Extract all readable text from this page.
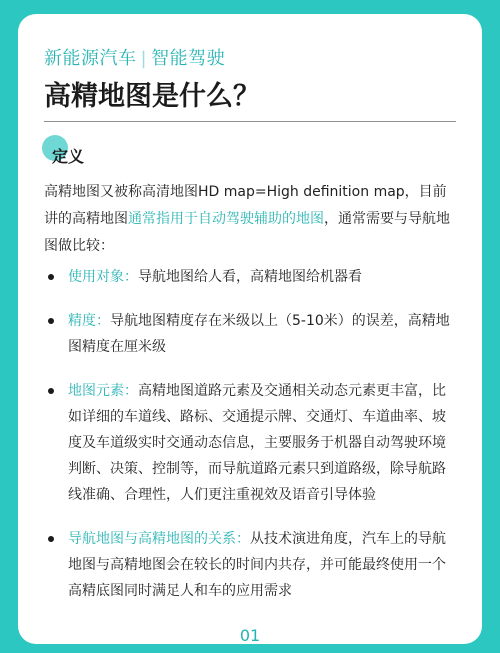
新能源汽车 | 智能驾驶
高精地图是什么？
定义
高精地图又被称高清地图HD map=High definition map，目前讲的高精地图通常指用于自动驾驶辅助的地图，通常需要与导航地图做比较：
使用对象：导航地图给人看，高精地图给机器看
精度：导航地图精度存在米级以上（5-10米）的误差，高精地图精度在厘米级
地图元素：高精地图道路元素及交通相关动态元素更丰富，比如详细的车道线、路标、交通提示牌、交通灯、车道曲率、坡度及车道级实时交通动态信息，主要服务于机器自动驾驶环境判断、决策、控制等，而导航道路元素只到道路级，除导航路线准确、合理性，人们更注重视效及语音引导体验
导航地图与高精地图的关系：从技术演进角度，汽车上的导航地图与高精地图会在较长的时间内共存，并可能最终使用一个高精底图同时满足人和车的应用需求
01
